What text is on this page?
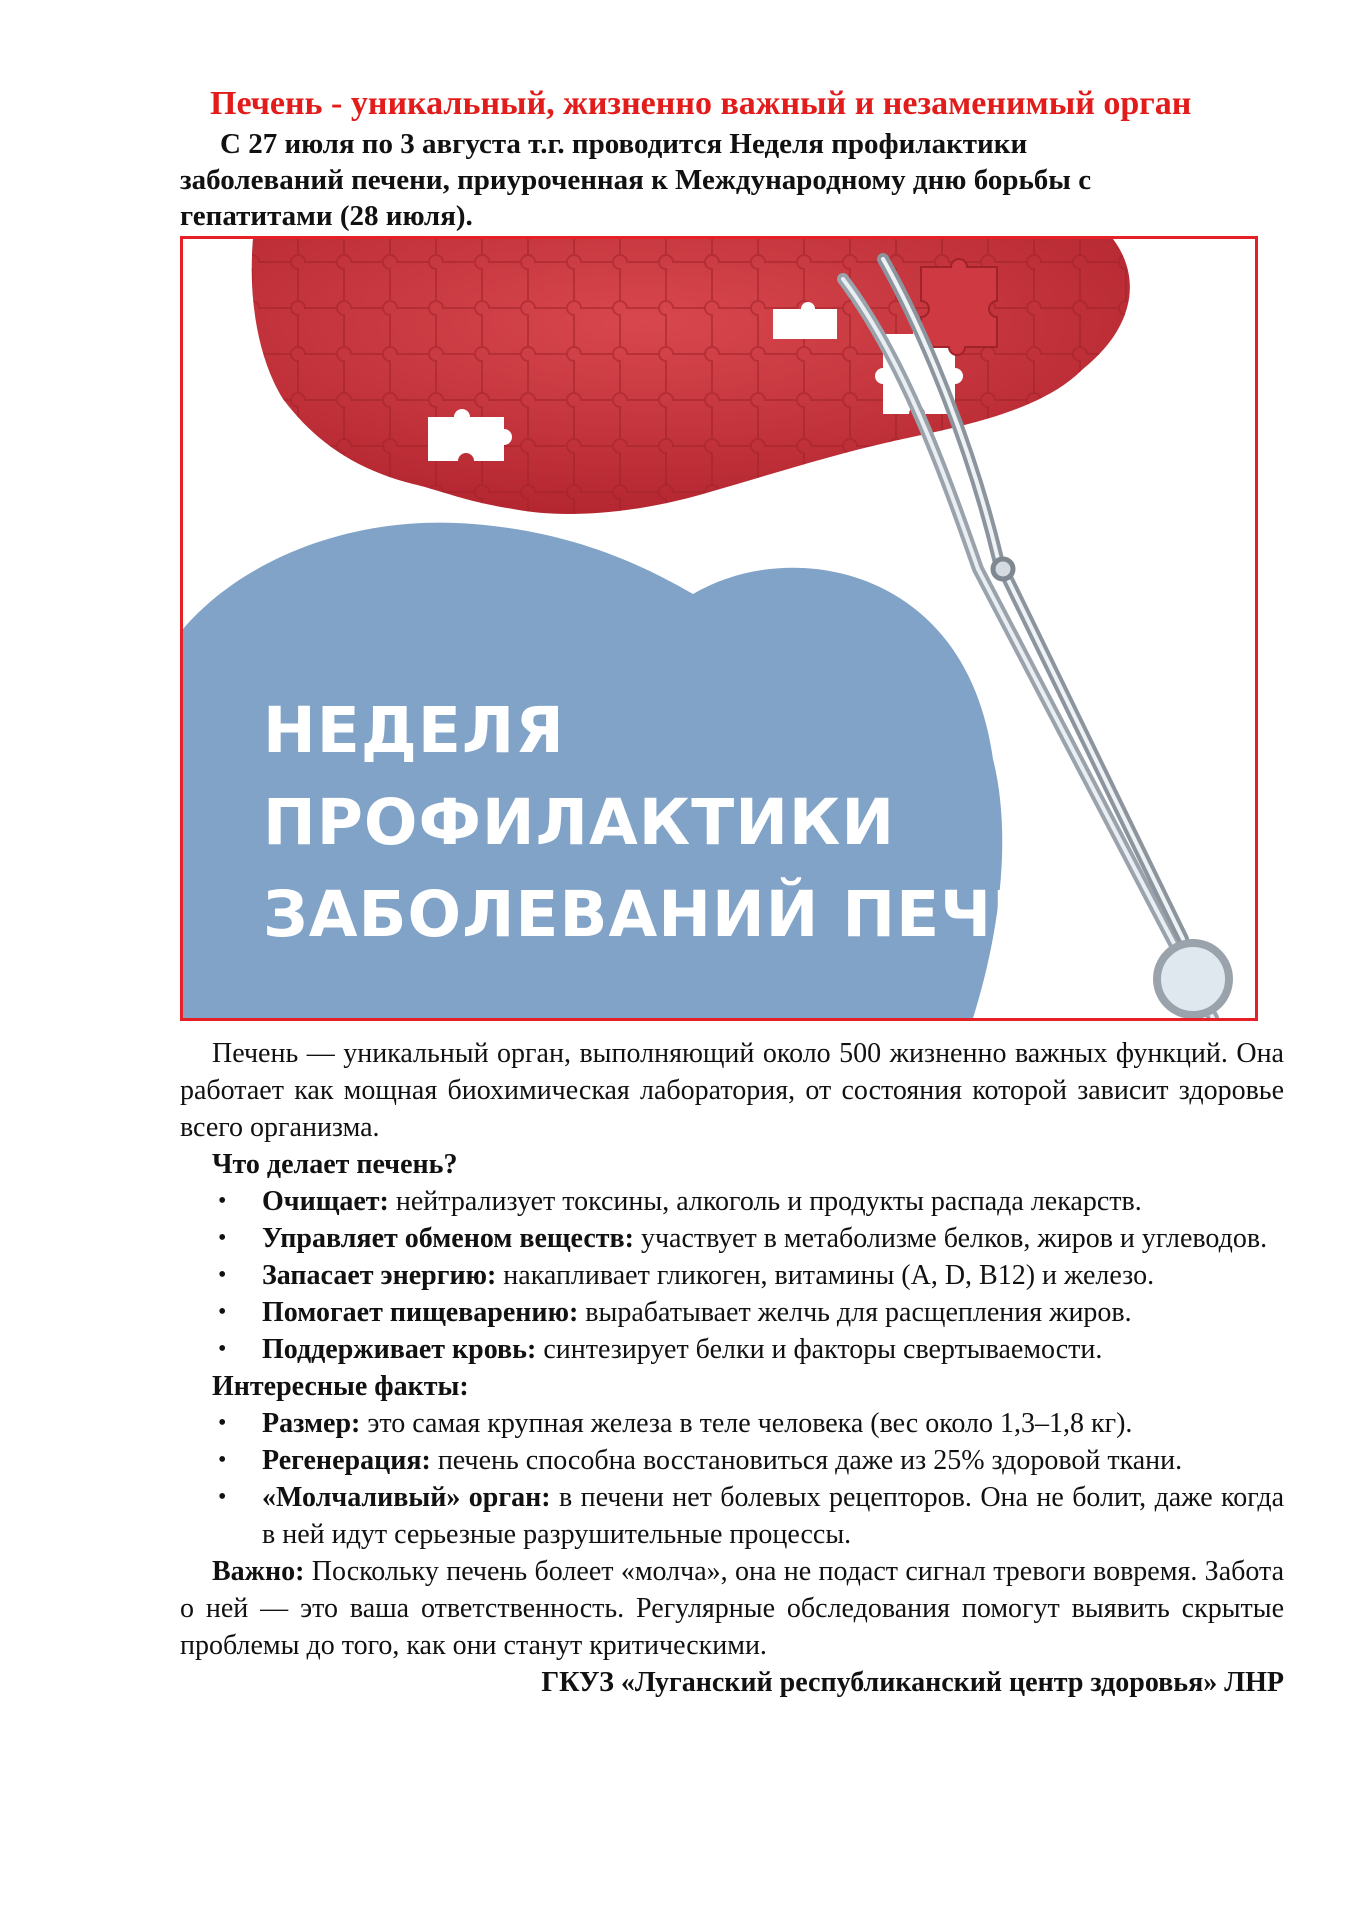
Печень - уникальный, жизненно важный и незаменимый орган
С 27 июля по 3 августа т.г. проводится Неделя профилактики заболеваний печени, приуроченная к Международному дню борьбы с гепатитами (28 июля).
НЕДЕЛЯ
ПРОФИЛАКТИКИ
ЗАБОЛЕВАНИЙ ПЕЧЕНИ

Печень — уникальный орган, выполняющий около 500 жизненно важных функций. Она работает как мощная биохимическая лаборатория, от состояния которой зависит здоровье всего организма.

Что делает печень?

• Очищает: нейтрализует токсины, алкоголь и продукты распада лекарств.
• Управляет обменом веществ: участвует в метаболизме белков, жиров и углеводов.
• Запасает энергию: накапливает гликоген, витамины (A, D, B12) и железо.
• Помогает пищеварению: вырабатывает желчь для расщепления жиров.
• Поддерживает кровь: синтезирует белки и факторы свертываемости.

Интересные факты:

• Размер: это самая крупная железа в теле человека (вес около 1,3–1,8 кг).
• Регенерация: печень способна восстановиться даже из 25% здоровой ткани.
• «Молчаливый» орган: в печени нет болевых рецепторов. Она не болит, даже когда в ней идут серьезные разрушительные процессы.

Важно: Поскольку печень болеет «молча», она не подаст сигнал тревоги вовремя. Забота о ней — это ваша ответственность. Регулярные обследования помогут выявить скрытые проблемы до того, как они станут критическими.

ГКУЗ «Луганский республиканский центр здоровья» ЛНР
